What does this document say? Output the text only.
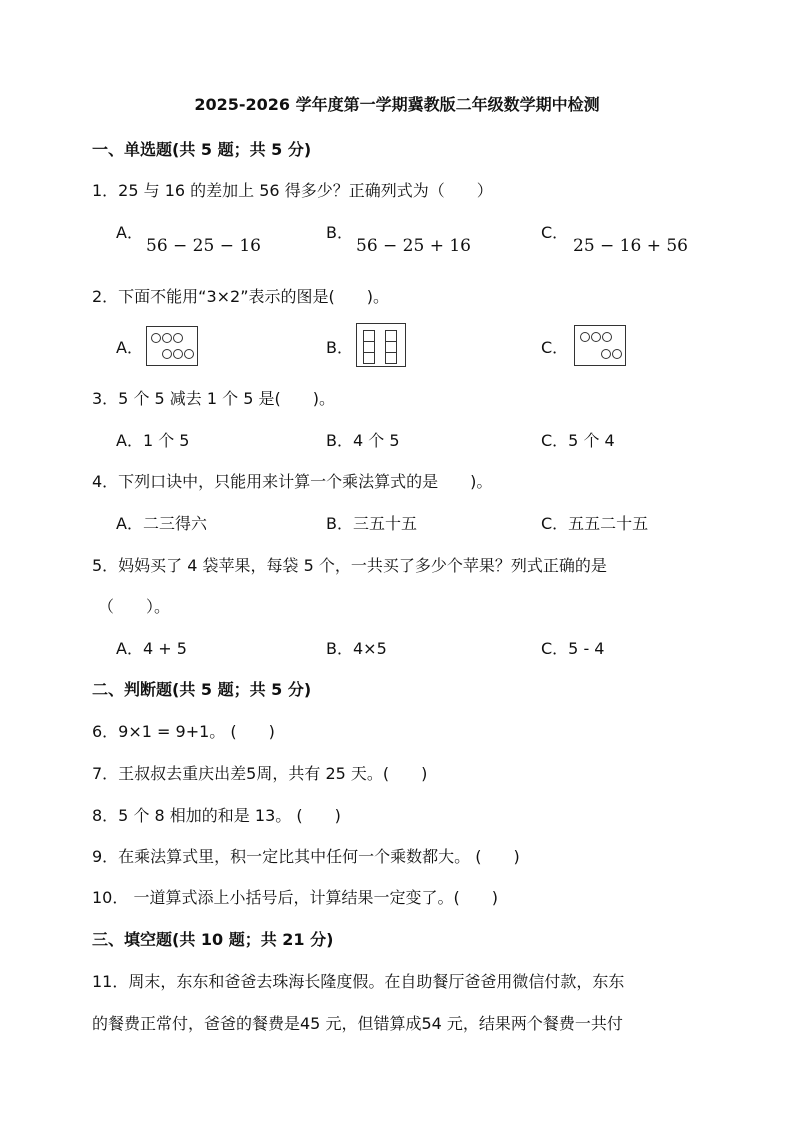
2025-2026 学年度第一学期冀教版二年级数学期中检测
一、单选题(共 5 题；共 5 分)
1．25 与 16 的差加上 56 得多少？正确列式为（　　）
A．
56 − 25 − 16
B．
56 − 25 + 16
C．
25 − 16 + 56
2．下面不能用“3×2”表示的图是(　　)。
A．	B．	C．
3．5 个 5 减去 1 个 5 是(　　)。
A．1 个 5	B．4 个 5	C．5 个 4
4．下列口诀中，只能用来计算一个乘法算式的是　　)。
A．二三得六	B．三五十五	C．五五二十五
5．妈妈买了 4 袋苹果，每袋 5 个，一共买了多少个苹果？列式正确的是
（　　）。
A．4 + 5	B．4×5	C．5 - 4
二、判断题(共 5 题；共 5 分)
6．9×1 = 9+1。 (　　)
7．王叔叔去重庆出差5周，共有 25 天。(　　)
8．5 个 8 相加的和是 13。 (　　)
9．在乘法算式里，积一定比其中任何一个乘数都大。 (　　)
10． 一道算式添上小括号后，计算结果一定变了。(　　)
三、填空题(共 10 题；共 21 分)
11．周末，东东和爸爸去珠海长隆度假。在自助餐厅爸爸用微信付款，东东
的餐费正常付，爸爸的餐费是45 元，但错算成54 元，结果两个餐费一共付
